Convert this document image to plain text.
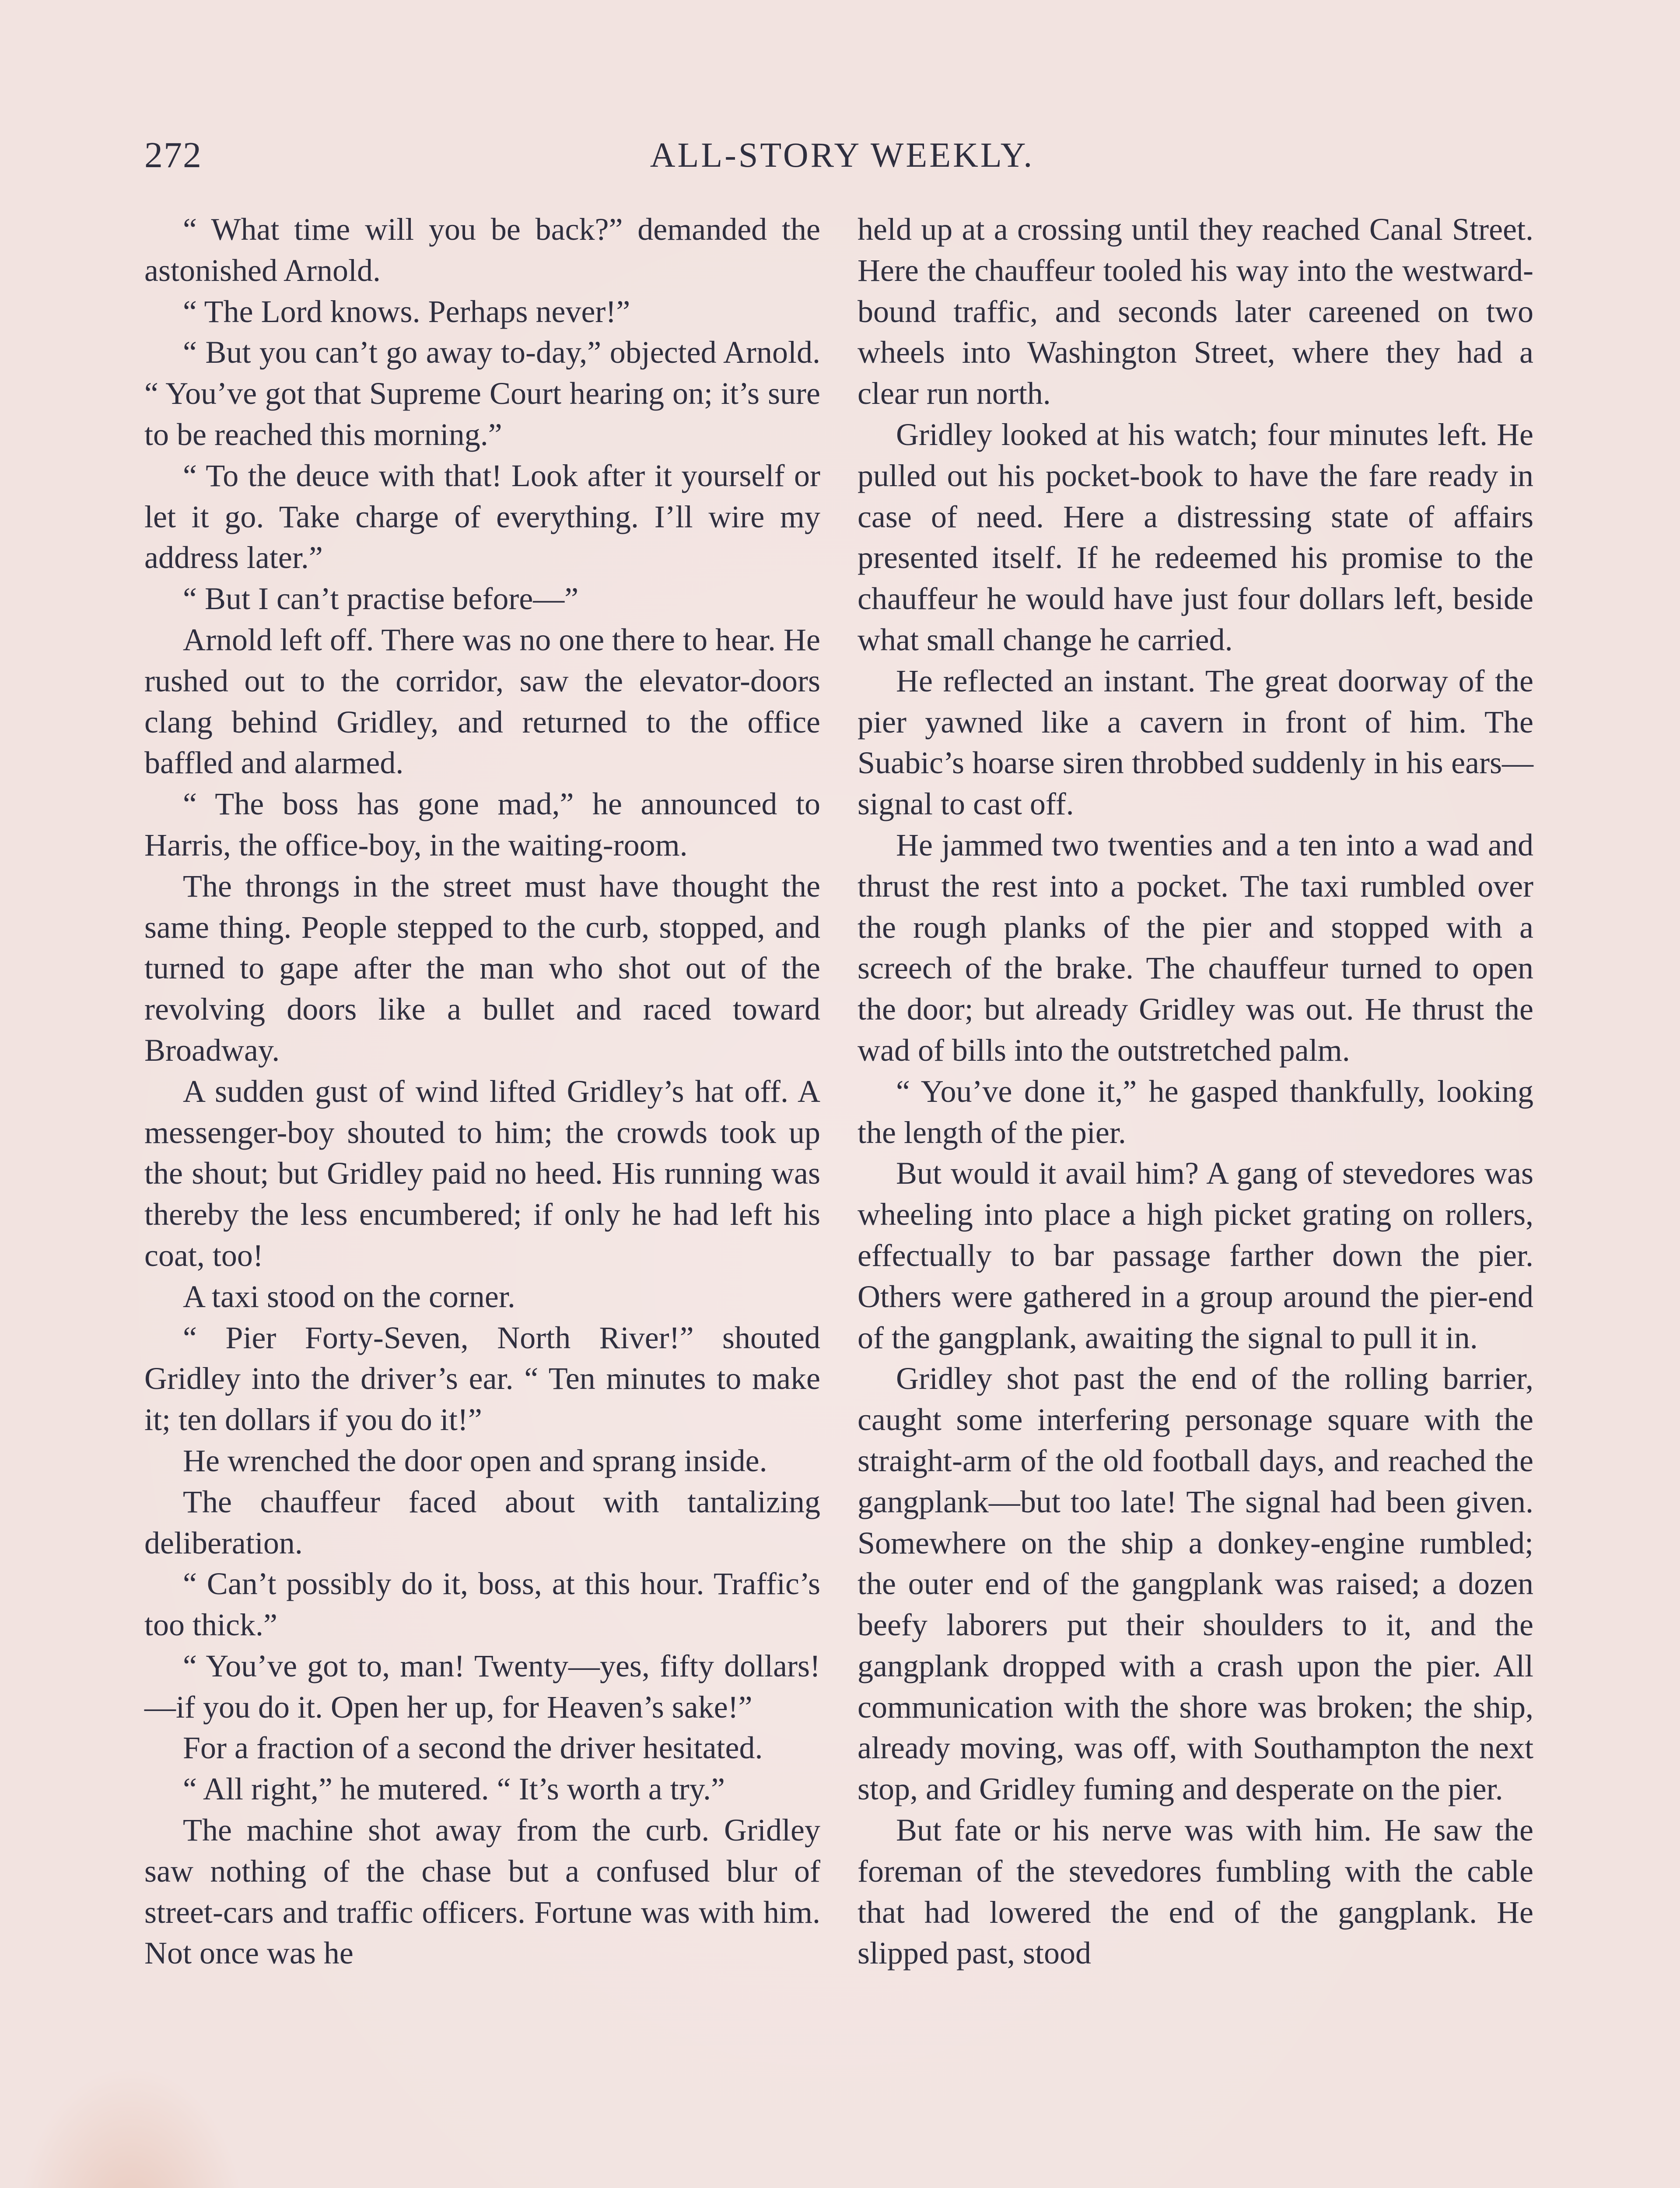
272	ALL-STORY WEEKLY.

“ What time will you be back?” demanded the astonished Arnold.

“ The Lord knows. Perhaps never!”

“ But you can’t go away to-day,” objected Arnold. “ You’ve got that Supreme Court hearing on; it’s sure to be reached this morning.”

“ To the deuce with that! Look after it yourself or let it go. Take charge of everything. I’ll wire my address later.”

“ But I can’t practise before—”

Arnold left off. There was no one there to hear. He rushed out to the corridor, saw the elevator-doors clang behind Gridley, and returned to the office baffled and alarmed.

“ The boss has gone mad,” he announced to Harris, the office-boy, in the waiting-room.

The throngs in the street must have thought the same thing. People stepped to the curb, stopped, and turned to gape after the man who shot out of the revolving doors like a bullet and raced toward Broadway.

A sudden gust of wind lifted Gridley’s hat off. A messenger-boy shouted to him; the crowds took up the shout; but Gridley paid no heed. His running was thereby the less encumbered; if only he had left his coat, too!

A taxi stood on the corner.

“ Pier Forty-Seven, North River!” shouted Gridley into the driver’s ear. “ Ten minutes to make it; ten dollars if you do it!”

He wrenched the door open and sprang inside.

The chauffeur faced about with tantalizing deliberation.

“ Can’t possibly do it, boss, at this hour. Traffic’s too thick.”

“ You’ve got to, man! Twenty—yes, fifty dollars!—if you do it. Open her up, for Heaven’s sake!”

For a fraction of a second the driver hesitated.

“ All right,” he mutered. “ It’s worth a try.”

The machine shot away from the curb. Gridley saw nothing of the chase but a confused blur of street-cars and traffic officers. Fortune was with him. Not once was he

held up at a crossing until they reached Canal Street. Here the chauffeur tooled his way into the westward-bound traffic, and seconds later careened on two wheels into Washington Street, where they had a clear run north.

Gridley looked at his watch; four minutes left. He pulled out his pocket-book to have the fare ready in case of need. Here a distressing state of affairs presented itself. If he redeemed his promise to the chauffeur he would have just four dollars left, beside what small change he carried.

He reflected an instant. The great doorway of the pier yawned like a cavern in front of him. The Suabic’s hoarse siren throbbed suddenly in his ears—signal to cast off.

He jammed two twenties and a ten into a wad and thrust the rest into a pocket. The taxi rumbled over the rough planks of the pier and stopped with a screech of the brake. The chauffeur turned to open the door; but already Gridley was out. He thrust the wad of bills into the outstretched palm.

“ You’ve done it,” he gasped thankfully, looking the length of the pier.

But would it avail him? A gang of stevedores was wheeling into place a high picket grating on rollers, effectually to bar passage farther down the pier. Others were gathered in a group around the pier-end of the gangplank, awaiting the signal to pull it in.

Gridley shot past the end of the rolling barrier, caught some interfering personage square with the straight-arm of the old football days, and reached the gangplank—but too late! The signal had been given. Somewhere on the ship a donkey-engine rumbled; the outer end of the gangplank was raised; a dozen beefy laborers put their shoulders to it, and the gangplank dropped with a crash upon the pier. All communication with the shore was broken; the ship, already moving, was off, with Southampton the next stop, and Gridley fuming and desperate on the pier.

But fate or his nerve was with him. He saw the foreman of the stevedores fumbling with the cable that had lowered the end of the gangplank. He slipped past, stood
